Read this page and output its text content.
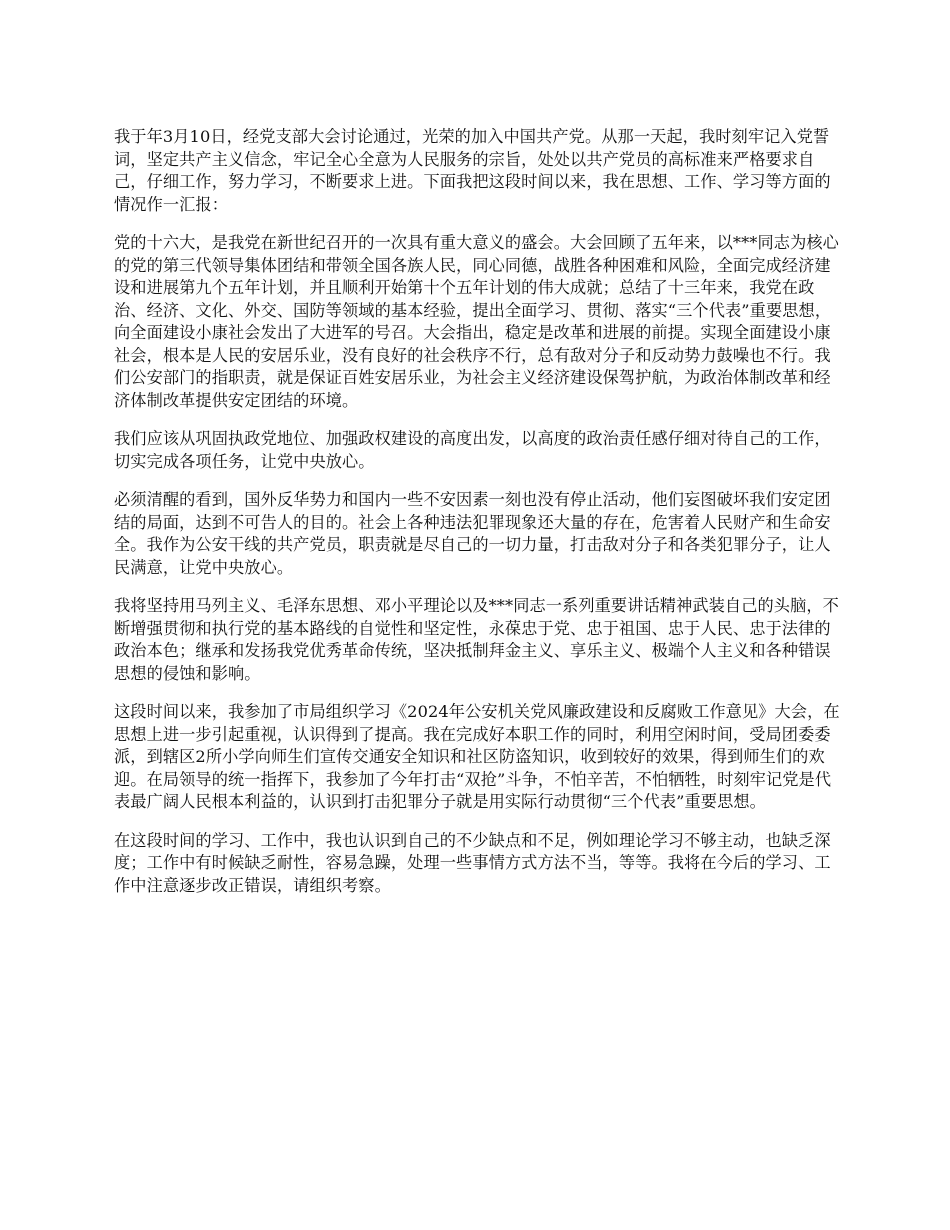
我于年3月10日，经党支部大会讨论通过，光荣的加入中国共产党。从那一天起，我时刻牢记入党誓词，坚定共产主义信念，牢记全心全意为人民服务的宗旨，处处以共产党员的高标准来严格要求自己，仔细工作，努力学习，不断要求上进。下面我把这段时间以来，我在思想、工作、学习等方面的情况作一汇报：

党的十六大，是我党在新世纪召开的一次具有重大意义的盛会。大会回顾了五年来，以***同志为核心的党的第三代领导集体团结和带领全国各族人民，同心同德，战胜各种困难和风险，全面完成经济建设和进展第九个五年计划，并且顺利开始第十个五年计划的伟大成就；总结了十三年来，我党在政治、经济、文化、外交、国防等领域的基本经验，提出全面学习、贯彻、落实“三个代表”重要思想，向全面建设小康社会发出了大进军的号召。大会指出，稳定是改革和进展的前提。实现全面建设小康社会，根本是人民的安居乐业，没有良好的社会秩序不行，总有敌对分子和反动势力鼓噪也不行。我们公安部门的指职责，就是保证百姓安居乐业，为社会主义经济建设保驾护航，为政治体制改革和经济体制改革提供安定团结的环境。

我们应该从巩固执政党地位、加强政权建设的高度出发，以高度的政治责任感仔细对待自己的工作，切实完成各项任务，让党中央放心。

必须清醒的看到，国外反华势力和国内一些不安因素一刻也没有停止活动，他们妄图破坏我们安定团结的局面，达到不可告人的目的。社会上各种违法犯罪现象还大量的存在，危害着人民财产和生命安全。我作为公安干线的共产党员，职责就是尽自己的一切力量，打击敌对分子和各类犯罪分子，让人民满意，让党中央放心。

我将坚持用马列主义、毛泽东思想、邓小平理论以及***同志一系列重要讲话精神武装自己的头脑，不断增强贯彻和执行党的基本路线的自觉性和坚定性，永葆忠于党、忠于祖国、忠于人民、忠于法律的政治本色；继承和发扬我党优秀革命传统，坚决抵制拜金主义、享乐主义、极端个人主义和各种错误思想的侵蚀和影响。

这段时间以来，我参加了市局组织学习《2024年公安机关党风廉政建设和反腐败工作意见》大会，在思想上进一步引起重视，认识得到了提高。我在完成好本职工作的同时，利用空闲时间，受局团委委派，到辖区2所小学向师生们宣传交通安全知识和社区防盗知识，收到较好的效果，得到师生们的欢迎。在局领导的统一指挥下，我参加了今年打击“双抢”斗争，不怕辛苦，不怕牺牲，时刻牢记党是代表最广阔人民根本利益的，认识到打击犯罪分子就是用实际行动贯彻“三个代表”重要思想。

在这段时间的学习、工作中，我也认识到自己的不少缺点和不足，例如理论学习不够主动，也缺乏深度；工作中有时候缺乏耐性，容易急躁，处理一些事情方式方法不当，等等。我将在今后的学习、工作中注意逐步改正错误，请组织考察。
